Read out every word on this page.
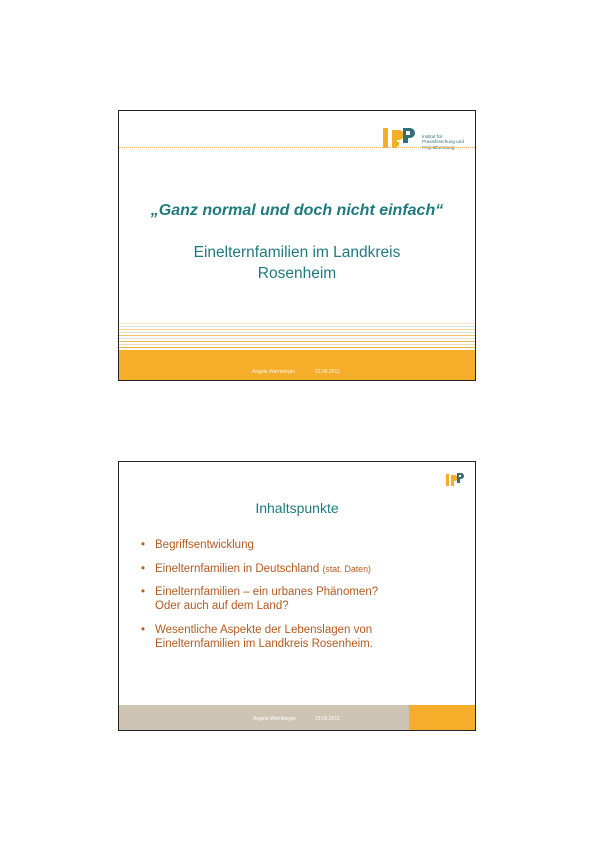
Institut für
Praxisforschung und
Projektberatung
„Ganz normal und doch nicht einfach“
Einelternfamilien im Landkreis
Rosenheim
Angela Wernberger	23.06.2011
Inhaltspunkte
• Begriffsentwicklung
• Einelternfamilien in Deutschland (stat. Daten)
• Einelternfamilien – ein urbanes Phänomen?
Oder auch auf dem Land?
• Wesentliche Aspekte der Lebenslagen von
Einelternfamilien im Landkreis Rosenheim.
Angela Wernberger	23.06.2011
